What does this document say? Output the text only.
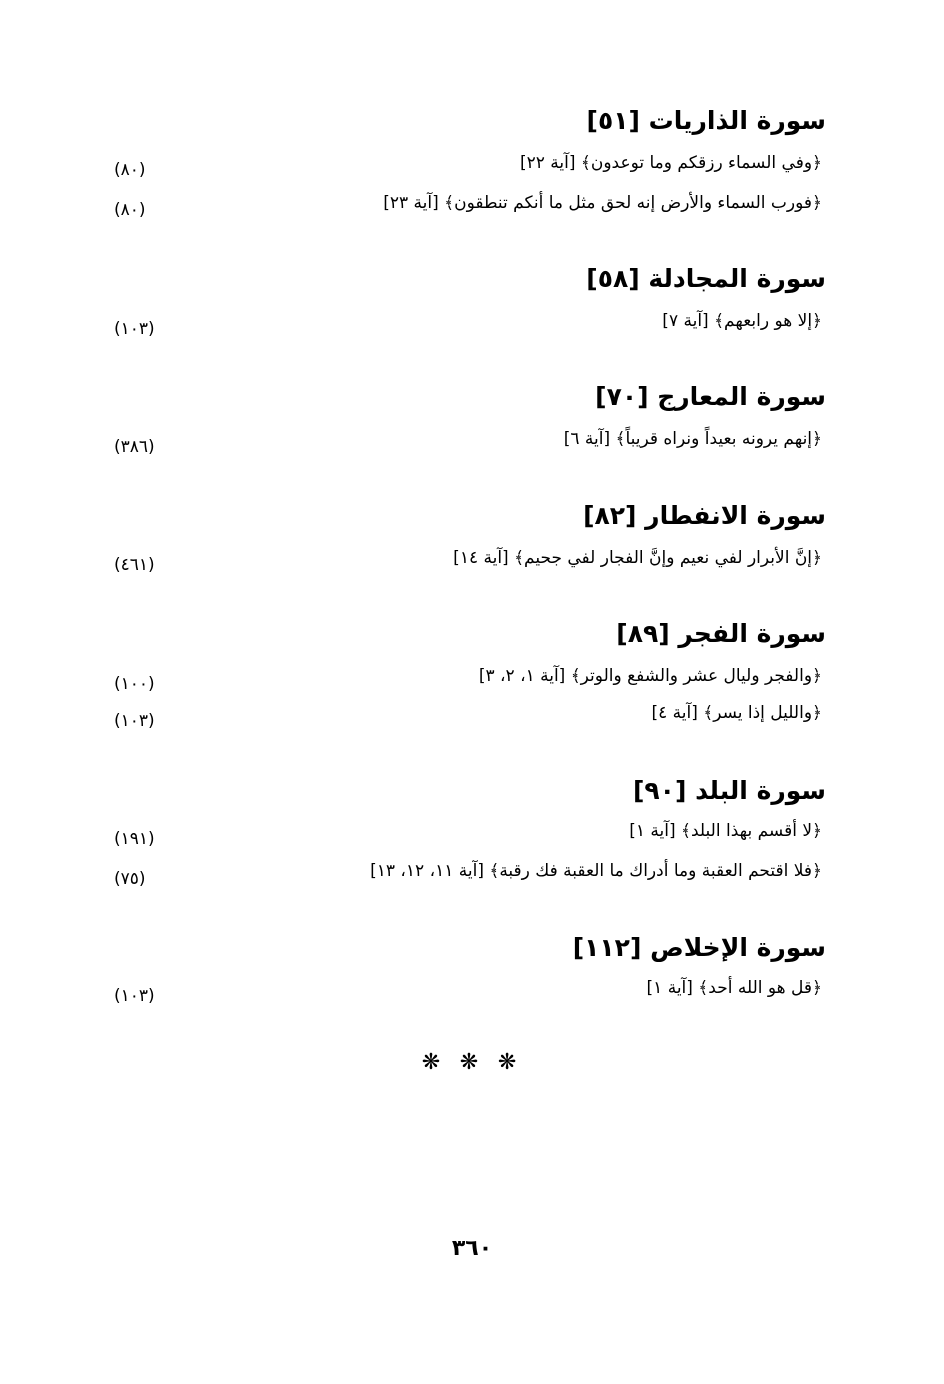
سورة الذاريات [٥١]
﴿وفي السماء رزقكم وما توعدون﴾ [آية ٢٢]
(٨٠)
﴿فورب السماء والأرض إنه لحق مثل ما أنكم تنطقون﴾ [آية ٢٣]
(٨٠)
سورة المجادلة [٥٨]
﴿إلا هو رابعهم﴾ [آية ٧]
(١٠٣)
سورة المعارج [٧٠]
﴿إنهم يرونه بعيداً ونراه قريباً﴾ [آية ٦]
(٣٨٦)
سورة الانفطار [٨٢]
﴿إنَّ الأبرار لفي نعيم وإنَّ الفجار لفي جحيم﴾ [آية ١٤]
(٤٦١)
سورة الفجر [٨٩]
﴿والفجر وليال عشر والشفع والوتر﴾ [آية ١، ٢، ٣]
(١٠٠)
﴿والليل إذا يسر﴾ [آية ٤]
(١٠٣)
سورة البلد [٩٠]
﴿لا أقسم بهذا البلد﴾ [آية ١]
(١٩١)
﴿فلا اقتحم العقبة وما أدراك ما العقبة فك رقبة﴾ [آية ١١، ١٢، ١٣]
(٧٥)
سورة الإخلاص [١١٢]
﴿قل هو الله أحد﴾ [آية ١]
(١٠٣)
❋ ❋ ❋
٣٦٠
